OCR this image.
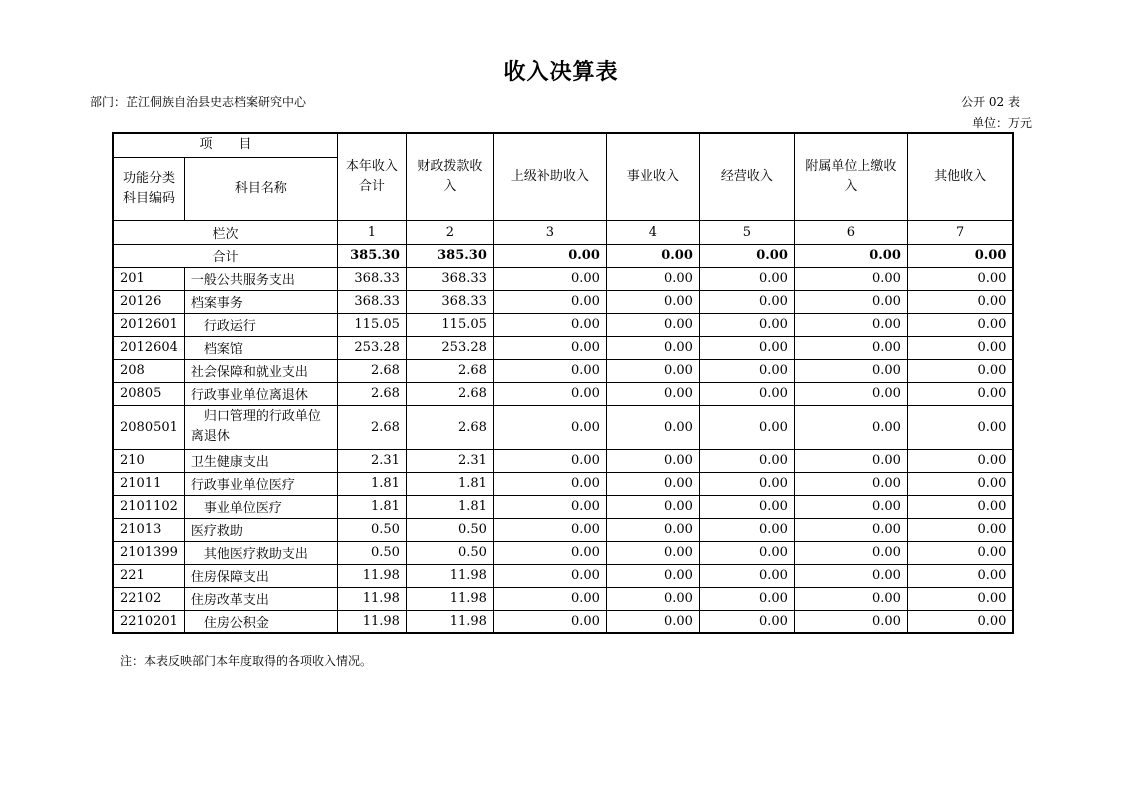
收入决算表
部门：芷江侗族自治县史志档案研究中心	公开 02 表
单位：万元
项　　目		本年收入合计	财政拨款收入	上级补助收入	事业收入	经营收入	附属单位上缴收入	其他收入
功能分类科目编码	科目名称							
栏次		1	2	3	4	5	6	7
合计		385.30	385.30	0.00	0.00	0.00	0.00	0.00
201	一般公共服务支出	368.33	368.33	0.00	0.00	0.00	0.00	0.00
20126	档案事务	368.33	368.33	0.00	0.00	0.00	0.00	0.00
2012601	　行政运行	115.05	115.05	0.00	0.00	0.00	0.00	0.00
2012604	　档案馆	253.28	253.28	0.00	0.00	0.00	0.00	0.00
208	社会保障和就业支出	2.68	2.68	0.00	0.00	0.00	0.00	0.00
20805	行政事业单位离退休	2.68	2.68	0.00	0.00	0.00	0.00	0.00
2080501	　归口管理的行政单位离退休	2.68	2.68	0.00	0.00	0.00	0.00	0.00
210	卫生健康支出	2.31	2.31	0.00	0.00	0.00	0.00	0.00
21011	行政事业单位医疗	1.81	1.81	0.00	0.00	0.00	0.00	0.00
2101102	　事业单位医疗	1.81	1.81	0.00	0.00	0.00	0.00	0.00
21013	医疗救助	0.50	0.50	0.00	0.00	0.00	0.00	0.00
2101399	　其他医疗救助支出	0.50	0.50	0.00	0.00	0.00	0.00	0.00
221	住房保障支出	11.98	11.98	0.00	0.00	0.00	0.00	0.00
22102	住房改革支出	11.98	11.98	0.00	0.00	0.00	0.00	0.00
2210201	　住房公积金	11.98	11.98	0.00	0.00	0.00	0.00	0.00
注：本表反映部门本年度取得的各项收入情况。
